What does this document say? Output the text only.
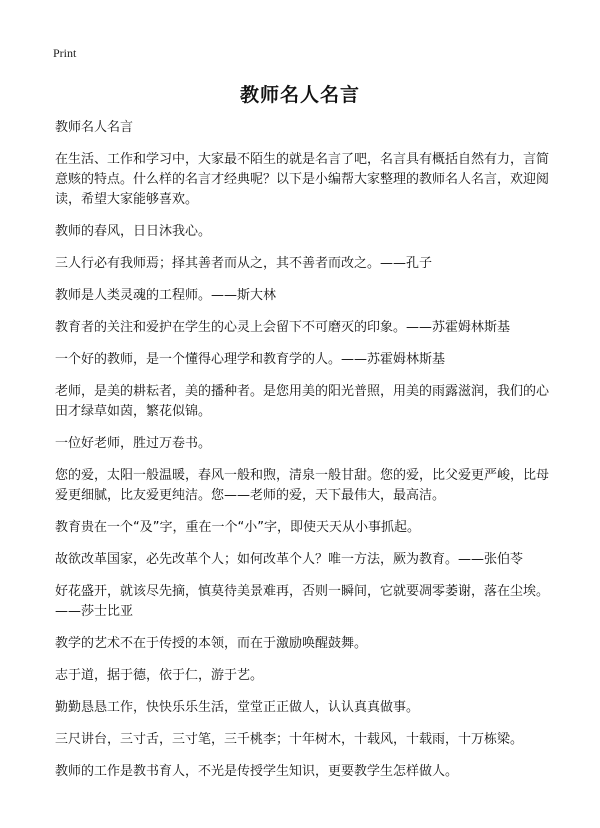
Print
教师名人名言

教师名人名言

在生活、工作和学习中，大家最不陌生的就是名言了吧，名言具有概括自然有力，言简意赅的特点。什么样的名言才经典呢？以下是小编帮大家整理的教师名人名言，欢迎阅读，希望大家能够喜欢。

教师的春风，日日沐我心。

三人行必有我师焉；择其善者而从之，其不善者而改之。——孔子

教师是人类灵魂的工程师。——斯大林

教育者的关注和爱护在学生的心灵上会留下不可磨灭的印象。——苏霍姆林斯基

一个好的教师，是一个懂得心理学和教育学的人。——苏霍姆林斯基

老师，是美的耕耘者，美的播种者。是您用美的阳光普照，用美的雨露滋润，我们的心田才绿草如茵，繁花似锦。

一位好老师，胜过万卷书。

您的爱，太阳一般温暖，春风一般和煦，清泉一般甘甜。您的爱，比父爱更严峻，比母爱更细腻，比友爱更纯洁。您——老师的爱，天下最伟大，最高洁。

教育贵在一个“及”字，重在一个“小”字，即使天天从小事抓起。

故欲改革国家，必先改革个人；如何改革个人？唯一方法，厥为教育。——张伯苓

好花盛开，就该尽先摘，慎莫待美景难再，否则一瞬间，它就要凋零萎谢，落在尘埃。——莎士比亚

教学的艺术不在于传授的本领，而在于激励唤醒鼓舞。

志于道，据于德，依于仁，游于艺。

勤勤恳恳工作，快快乐乐生活，堂堂正正做人，认认真真做事。

三尺讲台，三寸舌，三寸笔，三千桃李；十年树木，十载风，十载雨，十万栋梁。

教师的工作是教书育人，不光是传授学生知识，更要教学生怎样做人。
